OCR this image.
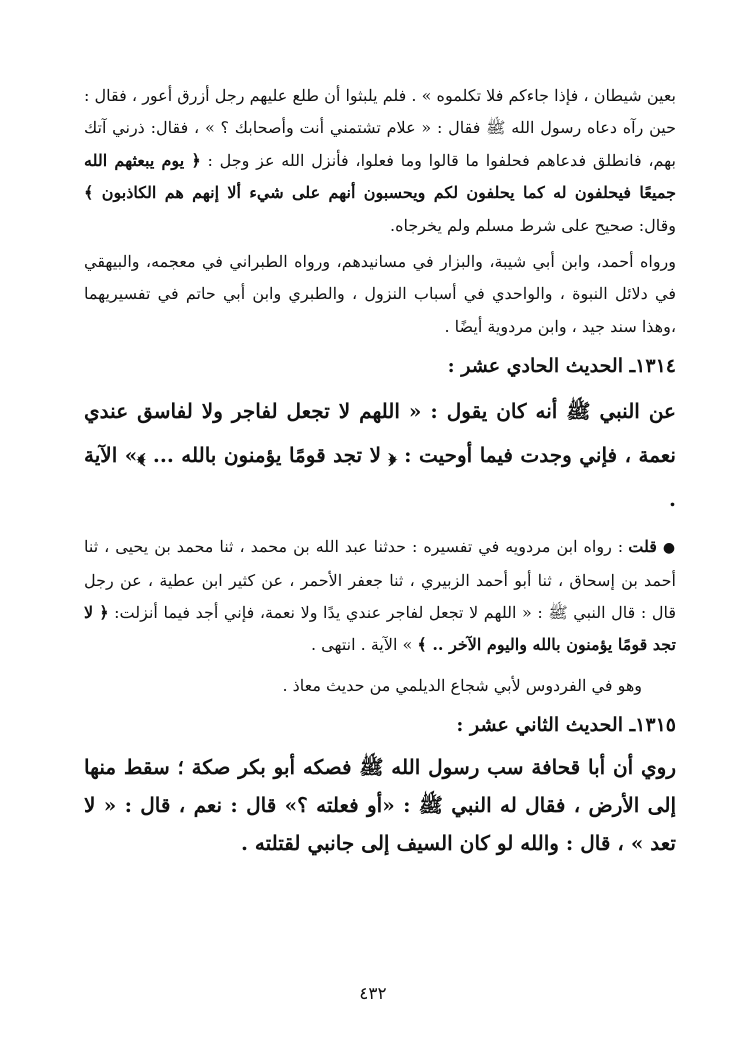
بعين شيطان ، فإذا جاءكم فلا تكلموه » . فلم يلبثوا أن طلع عليهم رجل أزرق أعور ، فقال : حين رآه دعاه رسول الله ﷺ فقال : « علام تشتمني أنت وأصحابك ؟ » ، فقال: ذرني آتك بهم، فانطلق فدعاهم فحلفوا ما قالوا وما فعلوا، فأنزل الله عز وجل : ﴿ يوم يبعثهم الله جميعًا فيحلفون له كما يحلفون لكم ويحسبون أنهم على شيء ألا إنهم هم الكاذبون ﴾ وقال: صحيح على شرط مسلم ولم يخرجاه.

ورواه أحمد، وابن أبي شيبة، والبزار في مسانيدهم، ورواه الطبراني في معجمه، والبيهقي في دلائل النبوة ، والواحدي في أسباب النزول ، والطبري وابن أبي حاتم في تفسيريهما ،وهذا سند جيد ، وابن مردوية أيضًا .

١٣١٤ـ الحديث الحادي عشر :

عن النبي ﷺ أنه كان يقول : « اللهم لا تجعل لفاجر ولا لفاسق عندي نعمة ، فإني وجدت فيما أوحيت : ﴿ لا تجد قومًا يؤمنون بالله ... ﴾» الآية .

● قلت : رواه ابن مردويه في تفسيره : حدثنا عبد الله بن محمد ، ثنا محمد بن يحيى ، ثنا أحمد بن إسحاق ، ثنا أبو أحمد الزبيري ، ثنا جعفر الأحمر ، عن كثير ابن عطية ، عن رجل قال : قال النبي ﷺ : « اللهم لا تجعل لفاجر عندي يدًا ولا نعمة، فإني أجد فيما أنزلت: ﴿ لا تجد قومًا يؤمنون بالله واليوم الآخر .. ﴾ » الآية . انتهى .

وهو في الفردوس لأبي شجاع الديلمي من حديث معاذ .

١٣١٥ـ الحديث الثاني عشر :

روي أن أبا قحافة سب رسول الله ﷺ فصكه أبو بكر صكة ؛ سقط منها إلى الأرض ، فقال له النبي ﷺ : «أو فعلته ؟» قال : نعم ، قال : « لا تعد » ، قال : والله لو كان السيف إلى جانبي لقتلته .

٤٣٢
